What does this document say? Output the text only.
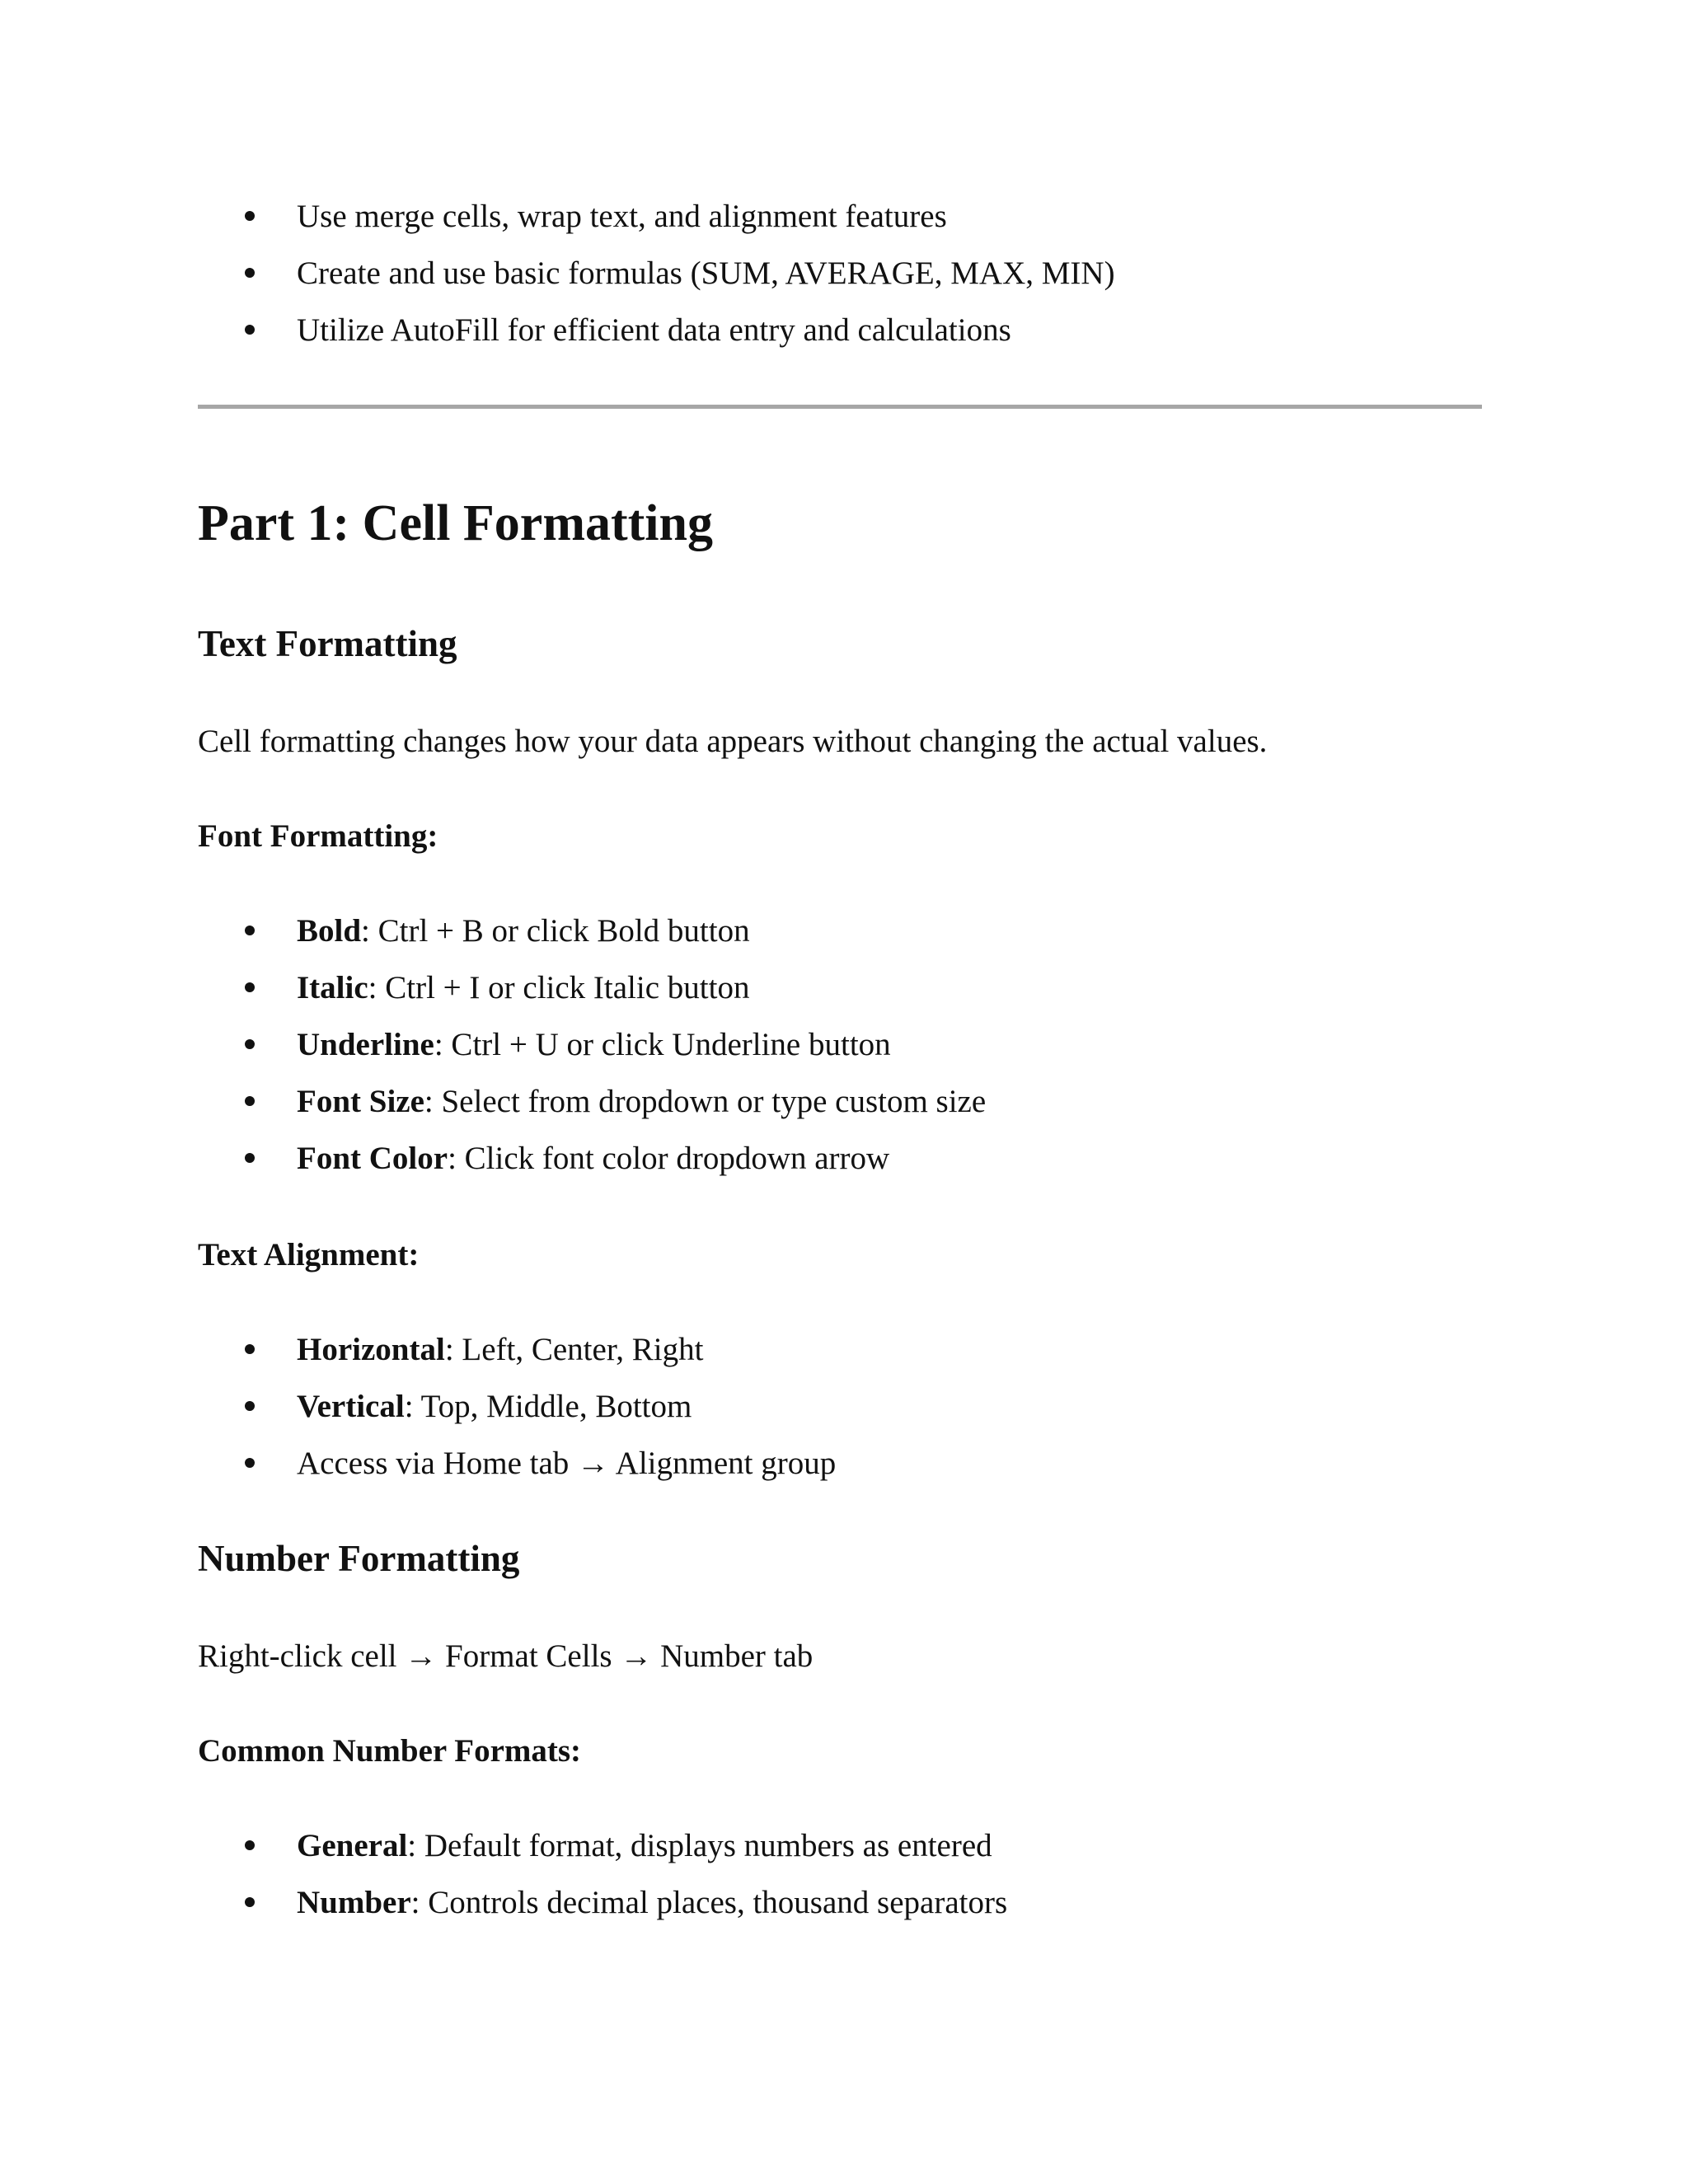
Use merge cells, wrap text, and alignment features
Create and use basic formulas (SUM, AVERAGE, MAX, MIN)
Utilize AutoFill for efficient data entry and calculations
Part 1: Cell Formatting
Text Formatting

Cell formatting changes how your data appears without changing the actual values.

Font Formatting:

Bold: Ctrl + B or click Bold button
Italic: Ctrl + I or click Italic button
Underline: Ctrl + U or click Underline button
Font Size: Select from dropdown or type custom size
Font Color: Click font color dropdown arrow

Text Alignment:

Horizontal: Left, Center, Right
Vertical: Top, Middle, Bottom
Access via Home tab → Alignment group
Number Formatting

Right-click cell → Format Cells → Number tab

Common Number Formats:

General: Default format, displays numbers as entered
Number: Controls decimal places, thousand separators
